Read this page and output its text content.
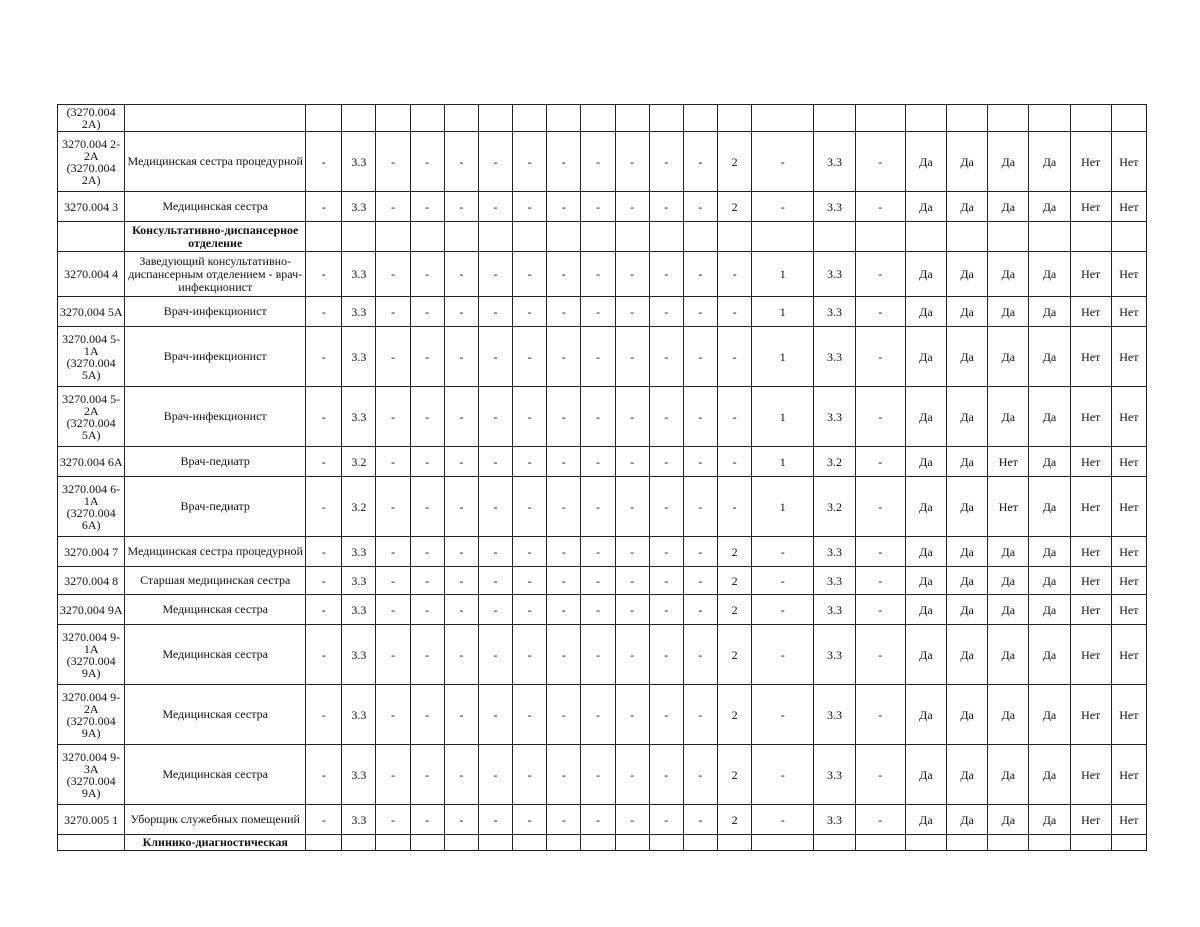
(3270.004 2A)																							
3270.004 2-2A (3270.004 2A)	Медицинская сестра процедурной	-	3.3	-	-	-	-	-	-	-	-	-	-	2	-	3.3	-	Да	Да	Да	Да	Нет	Нет
3270.004 3	Медицинская сестра	-	3.3	-	-	-	-	-	-	-	-	-	-	2	-	3.3	-	Да	Да	Да	Да	Нет	Нет
	Консультативно-диспансерное отделение																						
3270.004 4	Заведующий консультативно-диспансерным отделением - врач-инфекционист	-	3.3	-	-	-	-	-	-	-	-	-	-	-	1	3.3	-	Да	Да	Да	Да	Нет	Нет
3270.004 5А	Врач-инфекционист	-	3.3	-	-	-	-	-	-	-	-	-	-	-	1	3.3	-	Да	Да	Да	Да	Нет	Нет
3270.004 5-1А (3270.004 5А)	Врач-инфекционист	-	3.3	-	-	-	-	-	-	-	-	-	-	-	1	3.3	-	Да	Да	Да	Да	Нет	Нет
3270.004 5-2А (3270.004 5А)	Врач-инфекционист	-	3.3	-	-	-	-	-	-	-	-	-	-	-	1	3.3	-	Да	Да	Да	Да	Нет	Нет
3270.004 6А	Врач-педиатр	-	3.2	-	-	-	-	-	-	-	-	-	-	-	1	3.2	-	Да	Да	Нет	Да	Нет	Нет
3270.004 6-1А (3270.004 6А)	Врач-педиатр	-	3.2	-	-	-	-	-	-	-	-	-	-	-	1	3.2	-	Да	Да	Нет	Да	Нет	Нет
3270.004 7	Медицинская сестра процедурной	-	3.3	-	-	-	-	-	-	-	-	-	-	2	-	3.3	-	Да	Да	Да	Да	Нет	Нет
3270.004 8	Старшая медицинская сестра	-	3.3	-	-	-	-	-	-	-	-	-	-	2	-	3.3	-	Да	Да	Да	Да	Нет	Нет
3270.004 9А	Медицинская сестра	-	3.3	-	-	-	-	-	-	-	-	-	-	2	-	3.3	-	Да	Да	Да	Да	Нет	Нет
3270.004 9-1А (3270.004 9А)	Медицинская сестра	-	3.3	-	-	-	-	-	-	-	-	-	-	2	-	3.3	-	Да	Да	Да	Да	Нет	Нет
3270.004 9-2А (3270.004 9А)	Медицинская сестра	-	3.3	-	-	-	-	-	-	-	-	-	-	2	-	3.3	-	Да	Да	Да	Да	Нет	Нет
3270.004 9-3А (3270.004 9А)	Медицинская сестра	-	3.3	-	-	-	-	-	-	-	-	-	-	2	-	3.3	-	Да	Да	Да	Да	Нет	Нет
3270.005 1	Уборщик служебных помещений	-	3.3	-	-	-	-	-	-	-	-	-	-	2	-	3.3	-	Да	Да	Да	Да	Нет	Нет
	Клинико-диагностическая																						
